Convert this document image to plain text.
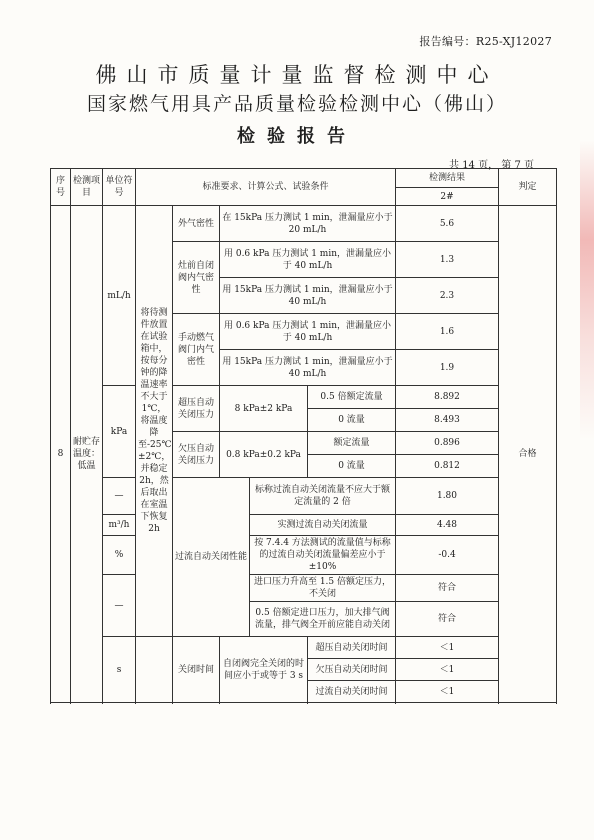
报告编号：R25-XJ12027
佛山市质量计量监督检测中心
国家燃气用具产品质量检验检测中心（佛山）
检验报告
共 14 页， 第 7 页
序号	检测项目	单位符号	标准要求、计算公式、试验条件					检测结果	判定
								2#	
8	耐贮存温度：低温	mL/h	将待测件放置在试验箱中，按每分钟的降温速率不大于1℃，将温度降至-25℃±2℃，并稳定2h，然后取出在室温下恢复2h	外气密性	在 15kPa 压力测试 1 min，泄漏量应小于 20 mL/h			5.6	合格
				灶前自闭阀内气密性	用 0.6 kPa 压力测试 1 min，泄漏量应小于 40 mL/h			1.3	
					用 15kPa 压力测试 1 min，泄漏量应小于 40 mL/h			2.3	
				手动燃气阀门内气密性	用 0.6 kPa 压力测试 1 min，泄漏量应小于 40 mL/h			1.6	
					用 15kPa 压力测试 1 min，泄漏量应小于 40 mL/h			1.9	
		kPa		超压自动关闭压力	8 kPa±2 kPa		0.5 倍额定流量	8.892	
							0 流量	8.493	
				欠压自动关闭压力	0.8 kPa±0.2 kPa		额定流量	0.896	
							0 流量	0.812	
		—		过流自动关闭性能		标称过流自动关闭流量不应大于额定流量的 2 倍		1.80	
		m³/h				实测过流自动关闭流量		4.48	
		%				按 7.4.4 方法测试的流量值与标称的过流自动关闭流量偏差应小于±10%		-0.4	
		—				进口压力升高至 1.5 倍额定压力，不关闭		符合	
						0.5 倍额定进口压力，加大排气阀流量，排气阀全开前应能自动关闭		符合	
		s		关闭时间	自闭阀完全关闭的时间应小于或等于 3 s		超压自动关闭时间	＜1	

							欠压自动关闭时间	＜1	

							过流自动关闭时间	＜1	
